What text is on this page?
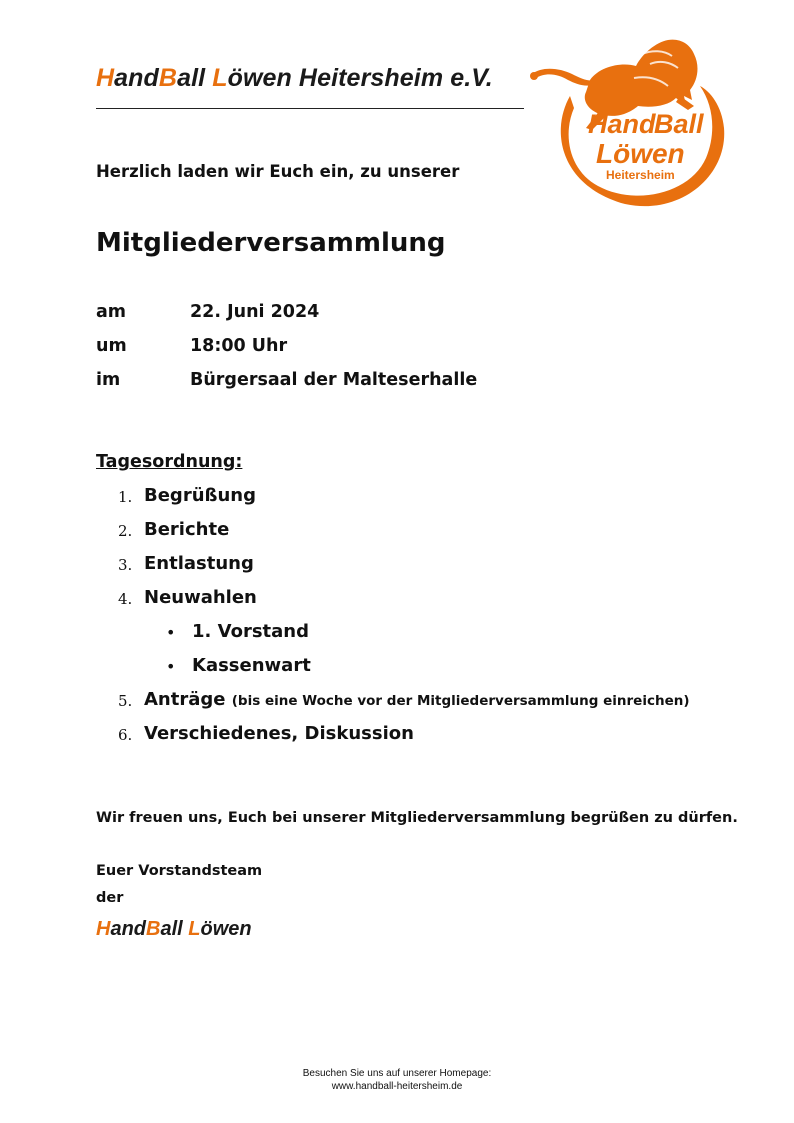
HandBall Löwen Heitersheim e.V.
Hand
Ball
Löwen
Heitersheim
Herzlich laden wir Euch ein, zu unserer
Mitgliederversammlung
am	22. Juni 2024
um	18:00 Uhr
im	Bürgersaal der Malteserhalle
Tagesordnung:
1. Begrüßung
2. Berichte
3. Entlastung
4. Neuwahlen
• 1. Vorstand
• Kassenwart
5. Anträge (bis eine Woche vor der Mitgliederversammlung einreichen)
6. Verschiedenes, Diskussion
Wir freuen uns, Euch bei unserer Mitgliederversammlung begrüßen zu dürfen.
Euer Vorstandsteam
der
HandBall Löwen
Besuchen Sie uns auf unserer Homepage:
www.handball-heitersheim.de
